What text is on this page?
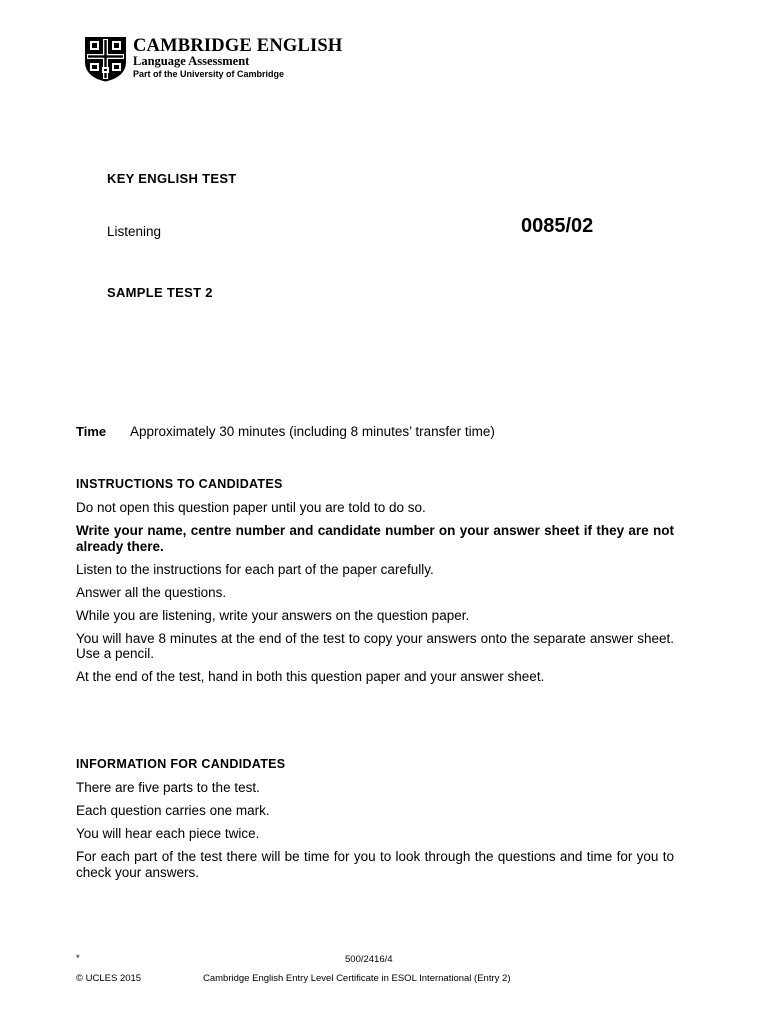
CAMBRIDGE ENGLISH
Language Assessment
Part of the University of Cambridge
KEY ENGLISH TEST
Listening	0085/02
SAMPLE TEST 2
Time Approximately 30 minutes (including 8 minutes’ transfer time)
INSTRUCTIONS TO CANDIDATES

Do not open this question paper until you are told to do so.

Write your name, centre number and candidate number on your answer sheet if they are not already there.

Listen to the instructions for each part of the paper carefully.

Answer all the questions.

While you are listening, write your answers on the question paper.

You will have 8 minutes at the end of the test to copy your answers onto the separate answer sheet. Use a pencil.

At the end of the test, hand in both this question paper and your answer sheet.

INFORMATION FOR CANDIDATES

There are five parts to the test.

Each question carries one mark.

You will hear each piece twice.

For each part of the test there will be time for you to look through the questions and time for you to check your answers.

*	500/2416/4
© UCLES 2015	Cambridge English Entry Level Certificate in ESOL International (Entry 2)
